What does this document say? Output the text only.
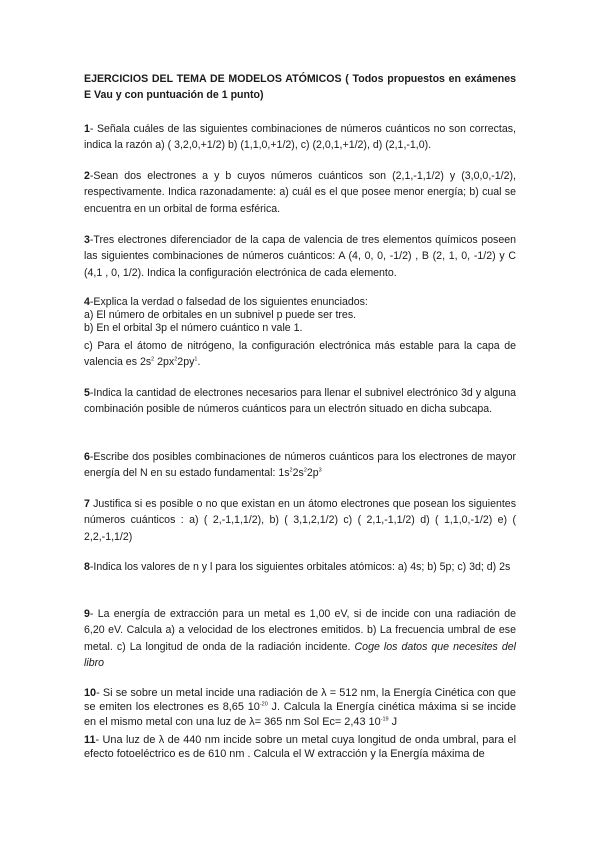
EJERCICIOS DEL TEMA DE MODELOS ATÓMICOS ( Todos propuestos en exámenes E Vau y con puntuación de 1 punto)

1- Señala cuáles de las siguientes combinaciones de números cuánticos no son correctas, indica la razón a) ( 3,2,0,+1/2) b) (1,1,0,+1/2), c) (2,0,1,+1/2), d) (2,1,-1,0).

2-Sean dos electrones a y b cuyos números cuánticos son (2,1,-1,1/2) y (3,0,0,-1/2), respectivamente. Indica razonadamente: a) cuál es el que posee menor energía; b) cual se encuentra en un orbital de forma esférica.

3-Tres electrones diferenciador de la capa de valencia de tres elementos químicos poseen las siguientes combinaciones de números cuánticos: A (4, 0, 0, -1/2) , B (2, 1, 0, -1/2) y C (4,1 , 0, 1/2). Indica la configuración electrónica de cada elemento.

4-Explica la verdad o falsedad de los siguientes enunciados:

a) El número de orbitales en un subnivel p puede ser tres.

b) En el orbital 3p el número cuántico n vale 1.

c) Para el átomo de nitrógeno, la configuración electrónica más estable para la capa de valencia es $2s^2$ $2px^22py^1$.

5-Indica la cantidad de electrones necesarios para llenar el subnivel electrónico 3d y alguna combinación posible de números cuánticos para un electrón situado en dicha subcapa.

6-Escribe dos posibles combinaciones de números cuánticos para los electrones de mayor energía del N en su estado fundamental: $1s^22s^22p^3$

7 Justifica si es posible o no que existan en un átomo electrones que posean los siguientes números cuánticos : a) ( 2,-1,1,1/2), b) ( 3,1,2,1/2) c) ( 2,1,-1,1/2) d) ( 1,1,0,-1/2) e) ( 2,2,-1,1/2)

8-Indica los valores de n y l para los siguientes orbitales atómicos: a) 4s; b) 5p; c) 3d; d) 2s

9- La energía de extracción para un metal es 1,00 eV, si de incide con una radiación de 6,20 eV. Calcula a) a velocidad de los electrones emitidos. b) La frecuencia umbral de ese metal. c) La longitud de onda de la radiación incidente. Coge los datos que necesites del libro

10- Si se sobre un metal incide una radiación de λ = 512 nm, la Energía Cinética con que se emiten los electrones es 8,65 $10^{-20}$ J. Calcula la Energía cinética máxima si se incide en el mismo metal con una luz de λ= 365 nm Sol Ec= 2,43 $10^{-19}$ J

11- Una luz de λ de 440 nm incide sobre un metal cuya longitud de onda umbral, para el efecto fotoeléctrico es de 610 nm . Calcula el W extracción y la Energía máxima de
